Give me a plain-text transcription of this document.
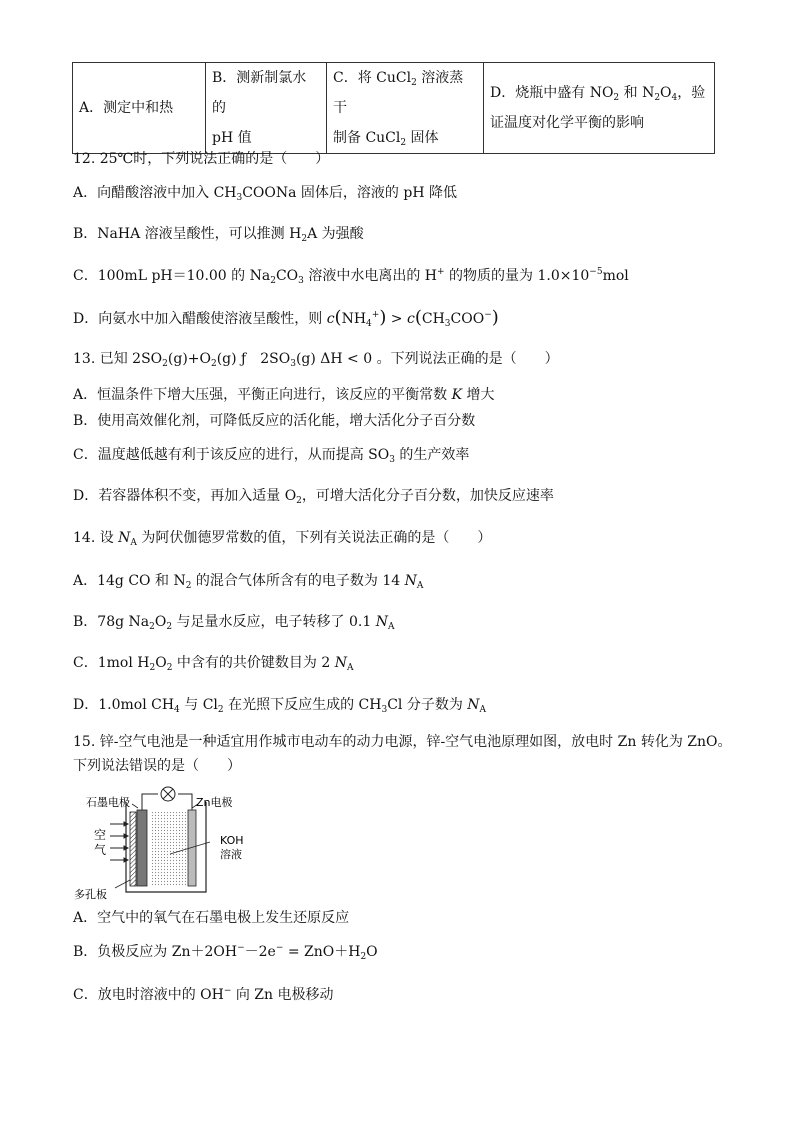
A．测定中和热	
B．测新制氯水的
pH 值

C．将 CuCl$_2$ 溶液蒸干
制备 CuCl$_2$ 固体

D．烧瓶中盛有 $NO_2$ 和 $N_2O_4$，验
证温度对化学平衡的影响
12. 25℃时，下列说法正确的是（　　）
A．向醋酸溶液中加入 $CH_3COONa$ 固体后，溶液的 pH 降低
B．NaHA 溶液呈酸性，可以推测 $H_2A$ 为强酸
C．100mL pH＝10.00 的 $Na_2CO_3$ 溶液中水电离出的 H+ 的物质的量为 $1.0\times 10^{-5}mol$
D．向氨水中加入醋酸使溶液呈酸性，则 $c(NH_4^+) > c(CH_3COO^-)$
13. 已知 $2SO_2(g)+O_2(g)$ ƒ　$2SO_3(g) \Delta H < 0$ 。下列说法正确的是（　　）
A．恒温条件下增大压强，平衡正向进行，该反应的平衡常数 K 增大
B．使用高效催化剂，可降低反应的活化能，增大活化分子百分数
C．温度越低越有利于该反应的进行，从而提高 $SO_3$ 的生产效率
D．若容器体积不变，再加入适量 $O_2$，可增大活化分子百分数，加快反应速率
14. 设 $N_A$ 为阿伏伽德罗常数的值，下列有关说法正确的是（　　）
A．14g CO 和 $N_2$ 的混合气体所含有的电子数为 14 $N_A$
B．78g $Na_2O_2$ 与足量水反应，电子转移了 0.1 $N_A$
C．1mol $H_2O_2$ 中含有的共价键数目为 2 $N_A$
D．1.0mol $CH_4$ 与 $Cl_2$ 在光照下反应生成的 $CH_3Cl$ 分子数为 $N_A$
15. 锌-空气电池是一种适宜用作城市电动车的动力电源，锌-空气电池原理如图，放电时 Zn 转化为 ZnO。
下列说法错误的是（　　）
石墨电极	Zn电极
空
气
KOH
溶液
多孔板
A．空气中的氧气在石墨电极上发生还原反应
B．负极反应为 $Zn+2OH^--2e^- = ZnO+H_2O$
C．放电时溶液中的 OH− 向 Zn 电极移动
